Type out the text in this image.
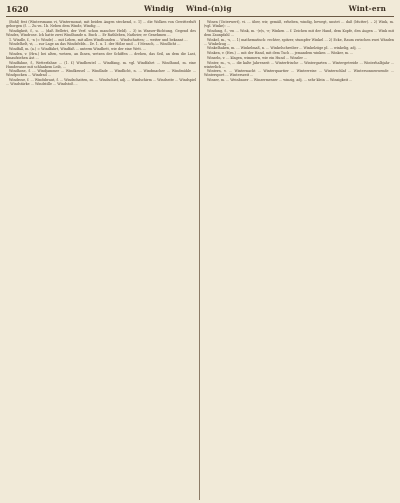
1620	Windig Wind-(n)ig	Wint-ern

(Bohl) fest (Wintersmann vi, Wintermonat, mit beiden Augen steckend, c. 1] ... die Wolken von Gewitterluft geborgen (f. ... Zu vn. 1b. Neben dem Winde, Windig ...

Windigkeit, f., u. ... (daß Belletri, der Verf. schon mancher Held). – 3) in Wasser-Richtung, Gegend des Windes, Windrose. Ich hatte zwei Windhunde u. Buch ... Er Rathleben, Nathrier, er Genehmen ...

1. Windle, f., -n (= Winde) ... mit Leben, mit allen Windhunden ... Windschatten; ... weiter und bekannt ...

Windelhelt, vi, ... zur Lage an das Windsfelds... Dr. 1. u. 1. der Hölze und ... f Mensch, ... Windlicht ...

Windfall, m. (a.) = Windfahrt, Windfaß ... unterm Windbett, wie der eine Wett. ...

Winden, v. (Hrn.) bei alten, wetzen, an Ihnen, wetzen der Schiffen ... drehen, das Seil, an dem die Last, hinaufziehen Ast ...

Windfahne, f., Wetterfahne ... (1. f.) Windbeutel ... Windfang, m. vgl. Windfahrt ... Windhund, m. eine Hunderasse mit schlankem Leib, ...

Windhose, f. ... Windjammer ... Windkessel ... Windlade ... Windlicht, n. ... Windmacher ... Windmühle ... Windpocken ... Windrad ...

Windrose, f. ... Windsbraut, f. ... Windschatten, m. ... Windschief, adj. ... Windschirm ... Windseite ... Windspiel ... Windstärke ... Windstille ... Windstoß ...

Winen (Unterwert), vi. ... über, wir, gemäß, erheben, windig, bewegt, unstet ... daß (Mutter). – 2) Wink, m. (vgl. Winke): ...

Windung, f., -en ... Wink, m. -(e)s, -e; Winken ... f. Zeichen mit der Hand, dem Kopfe, den Augen ... Wink mit dem Zaunpfahl ...

Winkel, m., -s, ... 1) mathematisch: rechter, spitzer, stumpfer Winkel ... 2) Ecke, Raum zwischen zwei Wänden ... Winkelzug ...

Winkelhaken, m. ... Winkelmaß, n. ... Winkelschreiber ... Winkelzüge pl. ... winkelig, adj. ...

Winken, v. (Hrn.) ... mit der Hand, mit dem Tuch ... jemandem winken ... Winker, m. ...

Winseln, v. ... klagen, wimmern, wie ein Hund ... Winsler ...

Winter, m., -s, ... die kalte Jahreszeit ... Winterfrische ... Wintergarten ... Wintergetreide ... Winterhalbjahr ... winterlich ...

Wintern, v. ... Winternacht ... Winterquartier ... Winterreise ... Winterschlaf ... Wintersonnenwende ... Wintersport ... Winterszeit ...

Winzer, m. ... Weinbauer ... Winzermesser ... winzig, adj. ... sehr klein ... Winzigkeit ...
